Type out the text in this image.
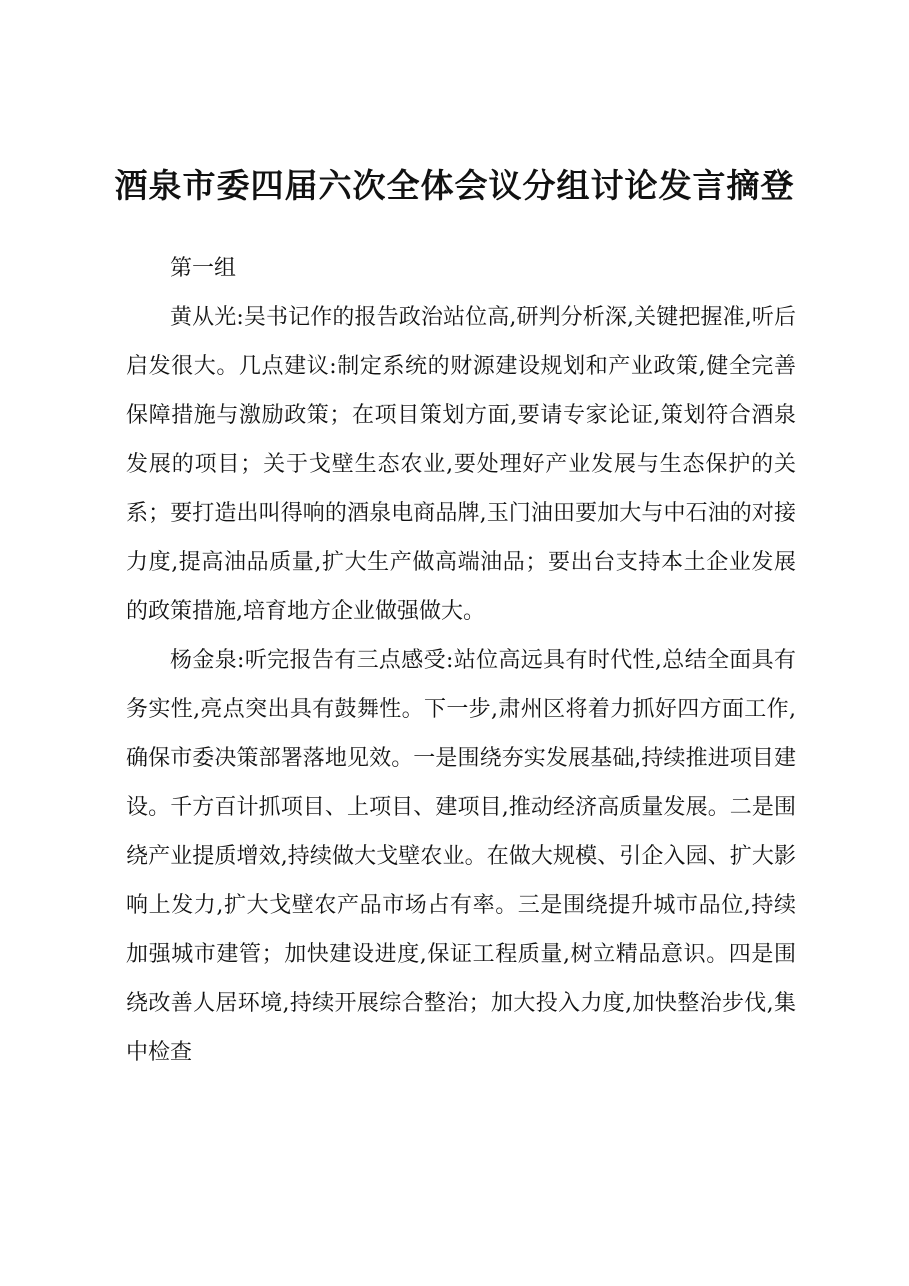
酒泉市委四届六次全体会议分组讨论发言摘登

第一组

黄从光:吴书记作的报告政治站位高,研判分析深,关键把握准,听后启发很大。几点建议:制定系统的财源建设规划和产业政策,健全完善保障措施与激励政策；在项目策划方面,要请专家论证,策划符合酒泉发展的项目；关于戈壁生态农业,要处理好产业发展与生态保护的关系；要打造出叫得响的酒泉电商品牌,玉门油田要加大与中石油的对接力度,提高油品质量,扩大生产做高端油品；要出台支持本土企业发展的政策措施,培育地方企业做强做大。

杨金泉:听完报告有三点感受:站位高远具有时代性,总结全面具有务实性,亮点突出具有鼓舞性。下一步,肃州区将着力抓好四方面工作,确保市委决策部署落地见效。一是围绕夯实发展基础,持续推进项目建设。千方百计抓项目、上项目、建项目,推动经济高质量发展。二是围绕产业提质增效,持续做大戈壁农业。在做大规模、引企入园、扩大影响上发力,扩大戈壁农产品市场占有率。三是围绕提升城市品位,持续加强城市建管；加快建设进度,保证工程质量,树立精品意识。四是围绕改善人居环境,持续开展综合整治；加大投入力度,加快整治步伐,集中检查
